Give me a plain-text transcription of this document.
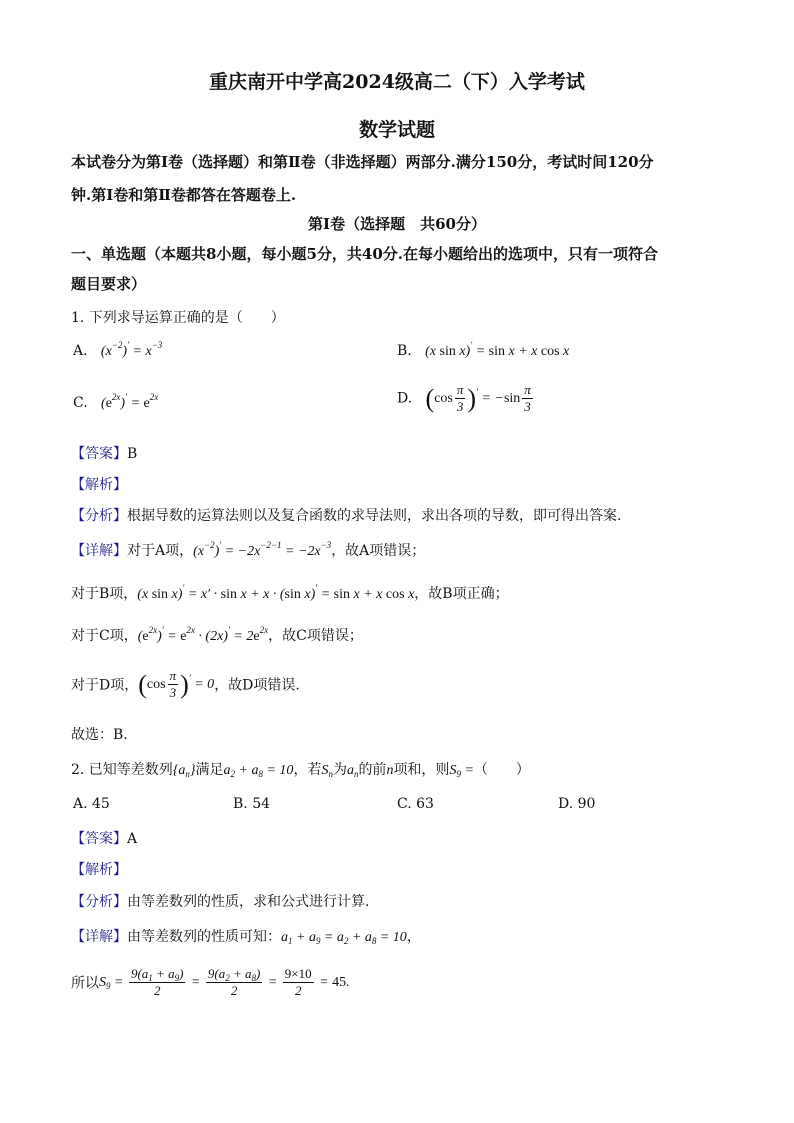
重庆南开中学高2024级高二（下）入学考试
数学试题
本试卷分为第Ⅰ卷（选择题）和第Ⅱ卷（非选择题）两部分.满分150分，考试时间120分
钟.第Ⅰ卷和第Ⅱ卷都答在答题卷上.
第Ⅰ卷（选择题　共60分）
一、单选题（本题共8小题，每小题5分，共40分.在每小题给出的选项中，只有一项符合
题目要求）
1. 下列求导运算正确的是（　　）
A. $(x^{-2})' = x^{-3}$	B. (x sin x)′ = sin x + x cos x
C. $(e^{2x})' = e^{2x}$	D. $(\cos \frac{\pi}{3} )' = -\sin \frac{\pi}{3}$
【答案】B
【解析】
【分析】根据导数的运算法则以及复合函数的求导法则，求出各项的导数，即可得出答案.
【详解】对于A项，$(x^{-2})' = -2x^{-2-1} = -2x^{-3}$，故A项错误；
对于B项，(x sin x)′ = x′ · sin x + x · (sin x)′ = sin x + x cos x，故B项正确；
对于C项，$(e^{2x})' = e^{2x} \cdot (2x)' = 2e^{2x}$，故C项错误；
对于D项，$(\cos \frac{\pi}{3} )' = 0$，故D项错误.
故选：B.
2. 已知等差数列$\{a_n\}$满足$a_2 + a_8 = 10$，若$S_n$为$a_n$的前n项和，则$S_9$ =（　　）
A. 45	B. 54	C. 63	D. 90
【答案】A
【解析】
【分析】由等差数列的性质，求和公式进行计算.
【详解】由等差数列的性质可知：$a_1 + a_9 = a_2 + a_8 = 10$，
所以$S_9 = \frac{9(a_1 + a_9)}{2} = \frac{9(a_2 + a_8)}{2} = \frac{9\times 10}{2} = 45$.
